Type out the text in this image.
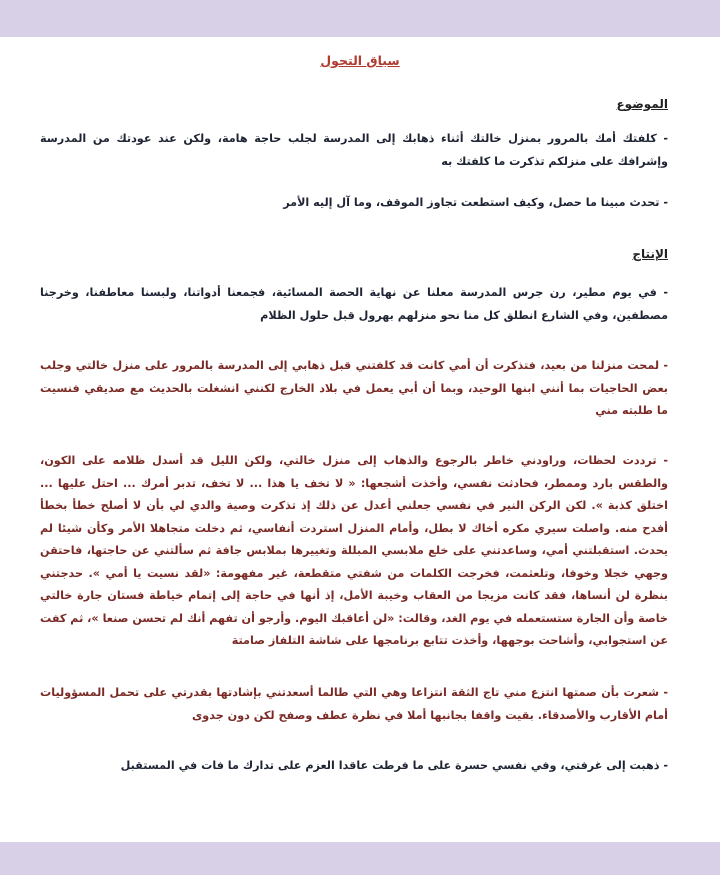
سياق التحول
الموضوع
- كلفتك أمك بالمرور بمنزل خالتك أثناء ذهابك إلى المدرسة لجلب حاجة هامة، ولكن عند عودتك من المدرسة وإشرافك على منزلكم تذكرت ما كلفتك به
- تحدث مبينا ما حصل، وكيف استطعت تجاوز الموقف، وما آل إليه الأمر
الإنتاج
- في يوم مطير، رن جرس المدرسة معلنا عن نهاية الحصة المسائية، فجمعنا أدواتنا، ولبسنا معاطفنا، وخرجنا مصطفين، وفي الشارع انطلق كل منا نحو منزلهم بهرول قبل حلول الظلام
- لمحت منزلنا من بعيد، فتذكرت أن أمي كانت قد كلفتني قبل ذهابي إلى المدرسة بالمرور على منزل خالتي وجلب بعض الحاجيات بما أنني ابنها الوحيد، وبما أن أبي يعمل في بلاد الخارج لكنني انشغلت بالحديث مع صديقي فنسيت ما طلبته مني
- ترددت لحظات، وراودني خاطر بالرجوع والذهاب إلى منزل خالتي، ولكن الليل قد أسدل ظلامه على الكون، والطقس بارد وممطر، فحادثت نفسي، وأخذت أشجعها: « لا تخف يا هذا ... لا تخف، تدبر أمرك ... احتل عليها ... اختلق كذبة ». لكن الركن النير في نفسي جعلني أعدل عن ذلك إذ تذكرت وصية والدي لي بأن لا أصلح خطأ بخطأ أفدح منه. واصلت سيري مكره أخاك لا بطل، وأمام المنزل استردت أنفاسي، ثم دخلت متجاهلا الأمر وكأن شيئا لم يحدث. استقبلتني أمي، وساعدتني على خلع ملابسي المبللة وتغييرها بملابس جافة ثم سألتني عن حاجتها، فاحتقن وجهي خجلا وخوفا، وتلعثمت، فخرجت الكلمات من شفتي متقطعة، غير مفهومة: «لقد نسيت يا أمي ». حدجتني بنظرة لن أنساها، فقد كانت مزيجا من العقاب وخيبة الأمل، إذ أنها في حاجة إلى إتمام خياطة فستان جارة خالتي خاصة وأن الجارة ستستعمله في يوم الغد، وقالت: «لن أعاقبك اليوم. وأرجو أن تفهم أنك لم تحسن صنعا »، ثم كفت عن استجوابي، وأشاحت بوجهها، وأخذت تتابع برنامجها على شاشة التلفاز صامتة
- شعرت بأن صمتها انتزع مني تاج الثقة انتزاعا وهي التي طالما أسعدتني بإشادتها بقدرتي على تحمل المسؤوليات أمام الأقارب والأصدقاء. بقيت واقفا بجانبها أملا في نظرة عطف وصفح لكن دون جدوى
- ذهبت إلى غرفتي، وفي نفسي حسرة على ما فرطت عاقدا العزم على تدارك ما فات في المستقبل
